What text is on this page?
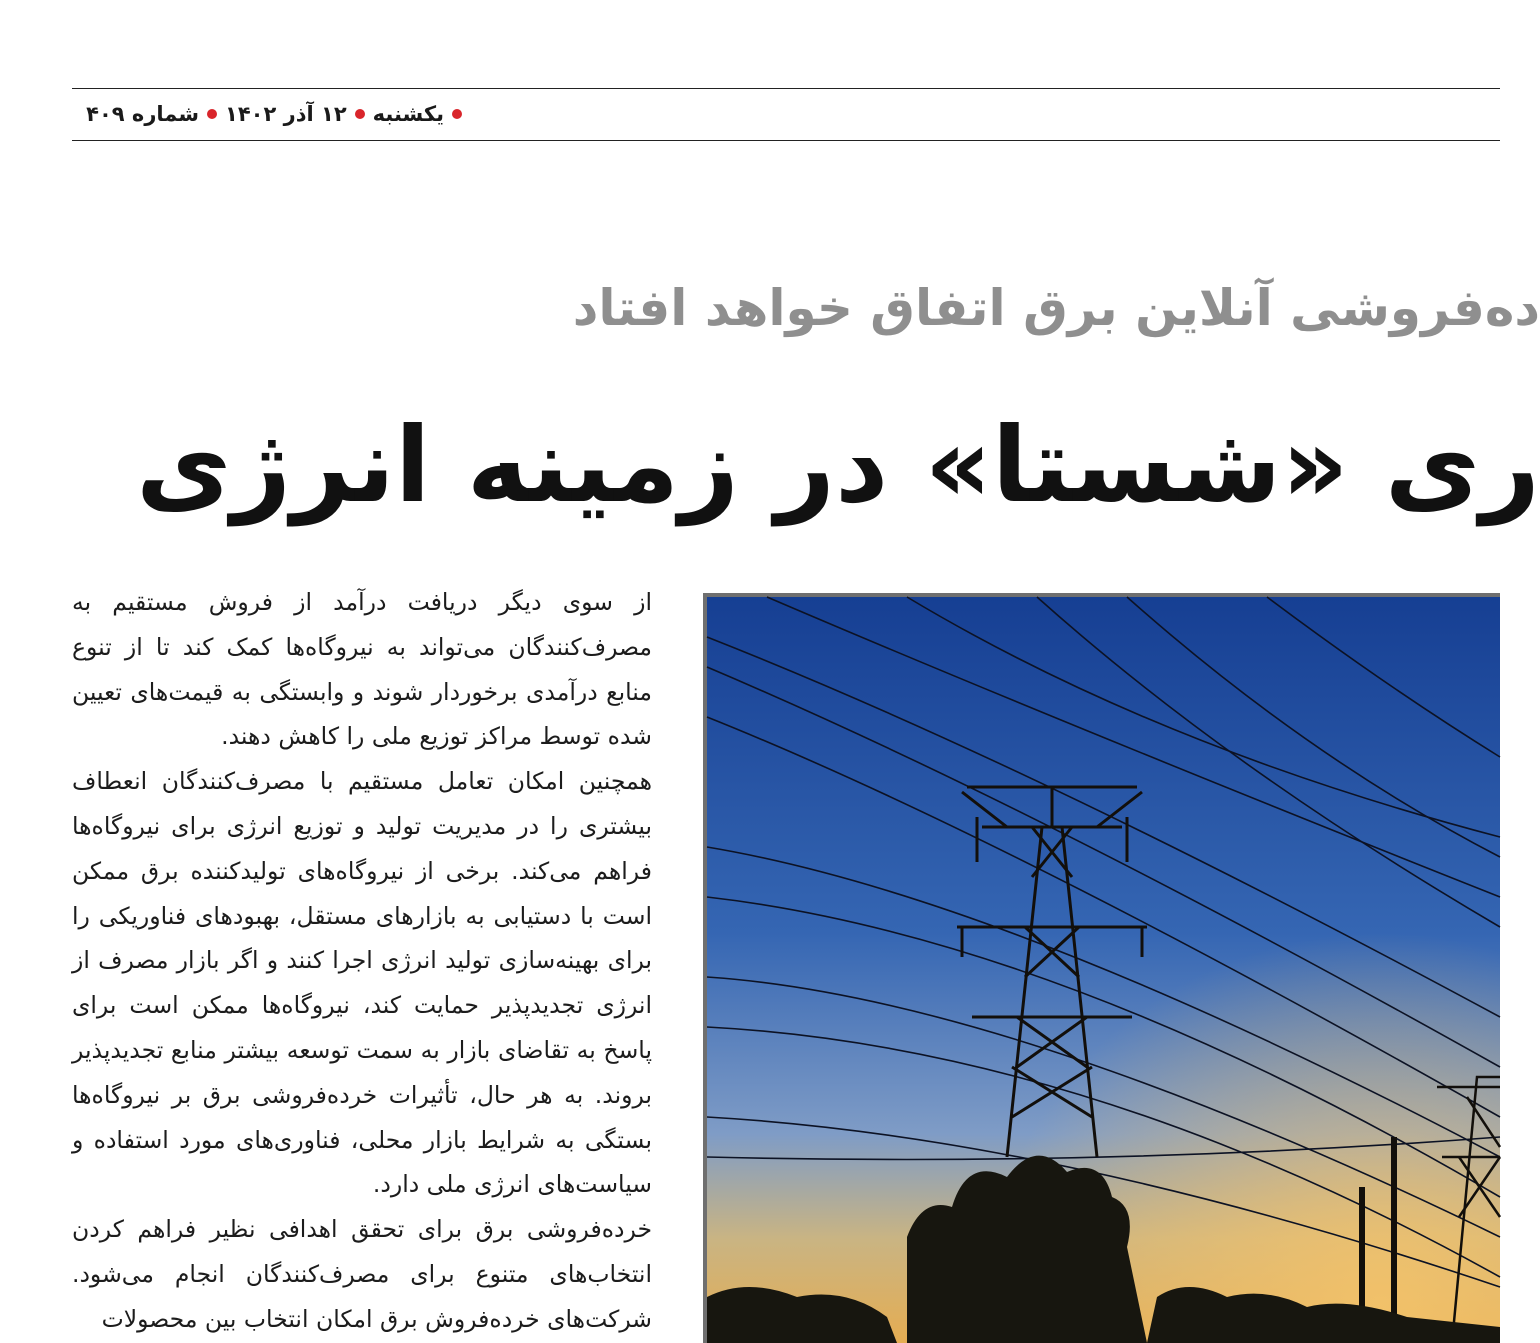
یکشنبه
۱۲ آذر ۱۴۰۲
شماره ۴۰۹
ده‌فروشی آنلاین برق اتفاق خواهد افتاد
ری «شستا» در زمینه انرژی

از سوی دیگر دریافت درآمد از فروش مستقیم به مصرف‌کنندگان می‌تواند به نیروگاه‌ها کمک کند تا از تنوع منابع درآمدی برخوردار شوند و وابستگی به قیمت‌های تعیین شده توسط مراکز توزیع ملی را کاهش دهند.

همچنین امکان تعامل مستقیم با مصرف‌کنندگان انعطاف بیشتری را در مدیریت تولید و توزیع انرژی برای نیروگاه‌ها فراهم می‌کند. برخی از نیروگاه‌های تولیدکننده برق ممکن است با دستیابی به بازارهای مستقل، بهبودهای فناوریکی را برای بهینه‌سازی تولید انرژی اجرا کنند و اگر بازار مصرف از انرژی تجدیدپذیر حمایت کند، نیروگاه‌ها ممکن است برای پاسخ به تقاضای بازار به سمت توسعه بیشتر منابع تجدیدپذیر بروند. به هر حال، تأثیرات خرده‌فروشی برق بر نیروگاه‌ها بستگی به شرایط بازار محلی، فناوری‌های مورد استفاده و سیاست‌های انرژی ملی دارد.

خرده‌فروشی برق برای تحقق اهدافی نظیر فراهم کردن انتخاب‌های متنوع برای مصرف‌کنندگان انجام می‌شود. شرکت‌های خرده‌فروش برق امکان انتخاب بین محصولات
